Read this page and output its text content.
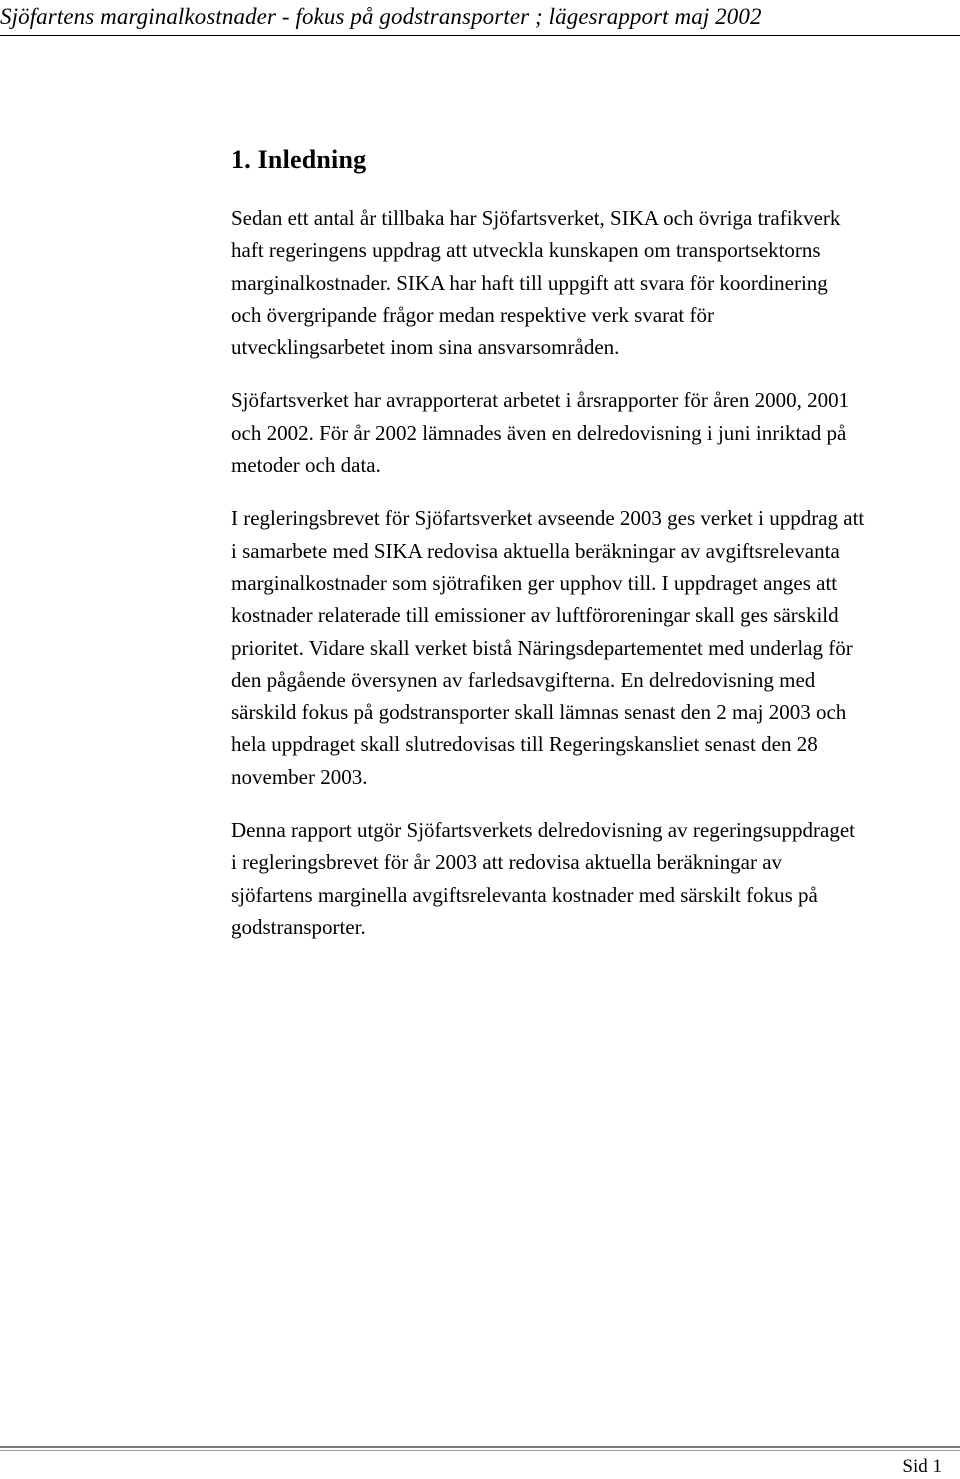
Sjöfartens marginalkostnader - fokus på godstransporter ; lägesrapport maj 2002
1. Inledning

Sedan ett antal år tillbaka har Sjöfartsverket, SIKA och övriga trafikverk
haft regeringens uppdrag att utveckla kunskapen om transportsektorns
marginalkostnader. SIKA har haft till uppgift att svara för koordinering
och övergripande frågor medan respektive verk svarat för
utvecklingsarbetet inom sina ansvarsområden.

Sjöfartsverket har avrapporterat arbetet i årsrapporter för åren 2000, 2001
och 2002. För år 2002 lämnades även en delredovisning i juni inriktad på
metoder och data.

I regleringsbrevet för Sjöfartsverket avseende 2003 ges verket i uppdrag att
i samarbete med SIKA redovisa aktuella beräkningar av avgiftsrelevanta
marginalkostnader som sjötrafiken ger upphov till. I uppdraget anges att
kostnader relaterade till emissioner av luftföroreningar skall ges särskild
prioritet. Vidare skall verket bistå Näringsdepartementet med underlag för
den pågående översynen av farledsavgifterna. En delredovisning med
särskild fokus på godstransporter skall lämnas senast den 2 maj 2003 och
hela uppdraget skall slutredovisas till Regeringskansliet senast den 28
november 2003.

Denna rapport utgör Sjöfartsverkets delredovisning av regeringsuppdraget
i regleringsbrevet för år 2003 att redovisa aktuella beräkningar av
sjöfartens marginella avgiftsrelevanta kostnader med särskilt fokus på
godstransporter.

Sid 1
